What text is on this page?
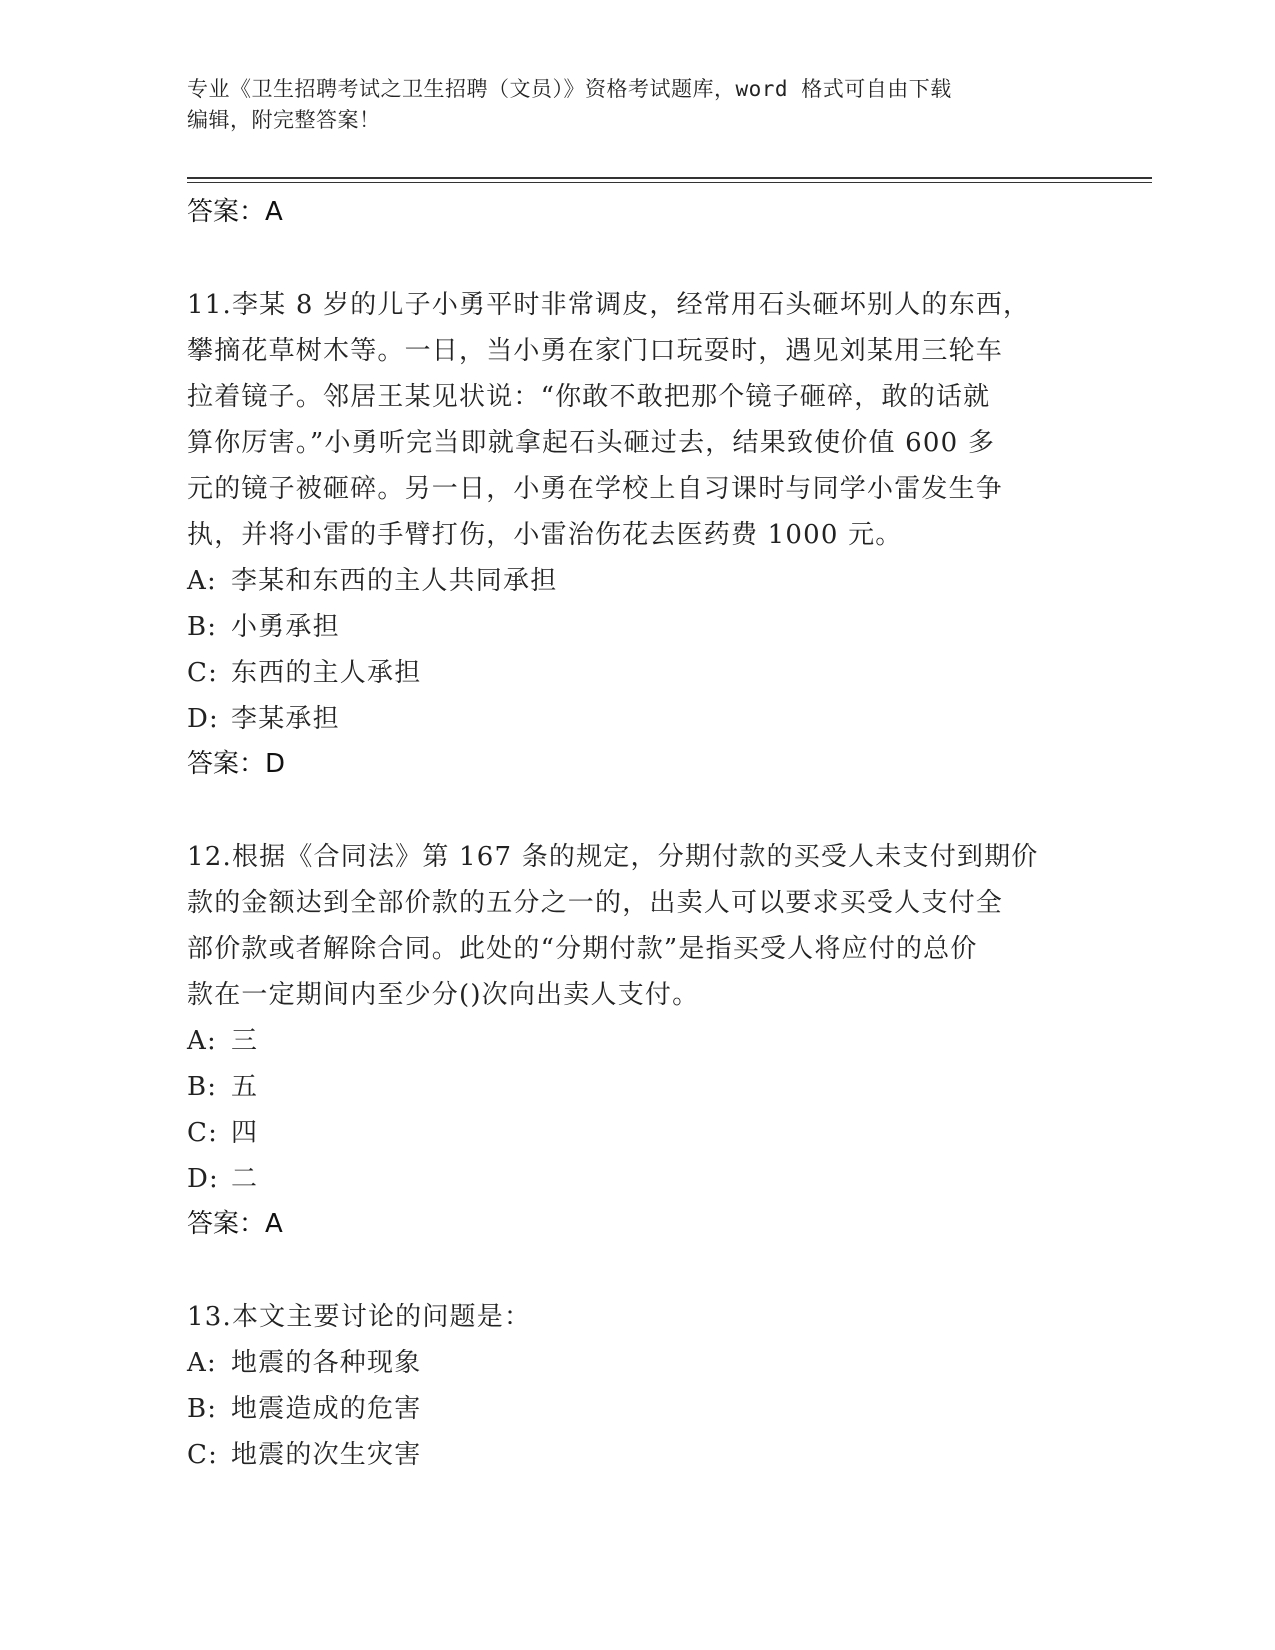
专业《卫生招聘考试之卫生招聘（文员）》资格考试题库，word 格式可自由下载
编辑，附完整答案！
答案：A
11.李某 8 岁的儿子小勇平时非常调皮，经常用石头砸坏别人的东西，
攀摘花草树木等。一日，当小勇在家门口玩耍时，遇见刘某用三轮车
拉着镜子。邻居王某见状说：“你敢不敢把那个镜子砸碎，敢的话就
算你厉害。”小勇听完当即就拿起石头砸过去，结果致使价值 600 多
元的镜子被砸碎。另一日，小勇在学校上自习课时与同学小雷发生争
执，并将小雷的手臂打伤，小雷治伤花去医药费 1000 元。
A: 李某和东西的主人共同承担
B: 小勇承担
C: 东西的主人承担
D: 李某承担
答案：D
12.根据《合同法》第 167 条的规定，分期付款的买受人未支付到期价
款的金额达到全部价款的五分之一的，出卖人可以要求买受人支付全
部价款或者解除合同。此处的“分期付款”是指买受人将应付的总价
款在一定期间内至少分()次向出卖人支付。
A: 三
B: 五
C: 四
D: 二
答案：A
13.本文主要讨论的问题是：
A: 地震的各种现象
B: 地震造成的危害
C: 地震的次生灾害
